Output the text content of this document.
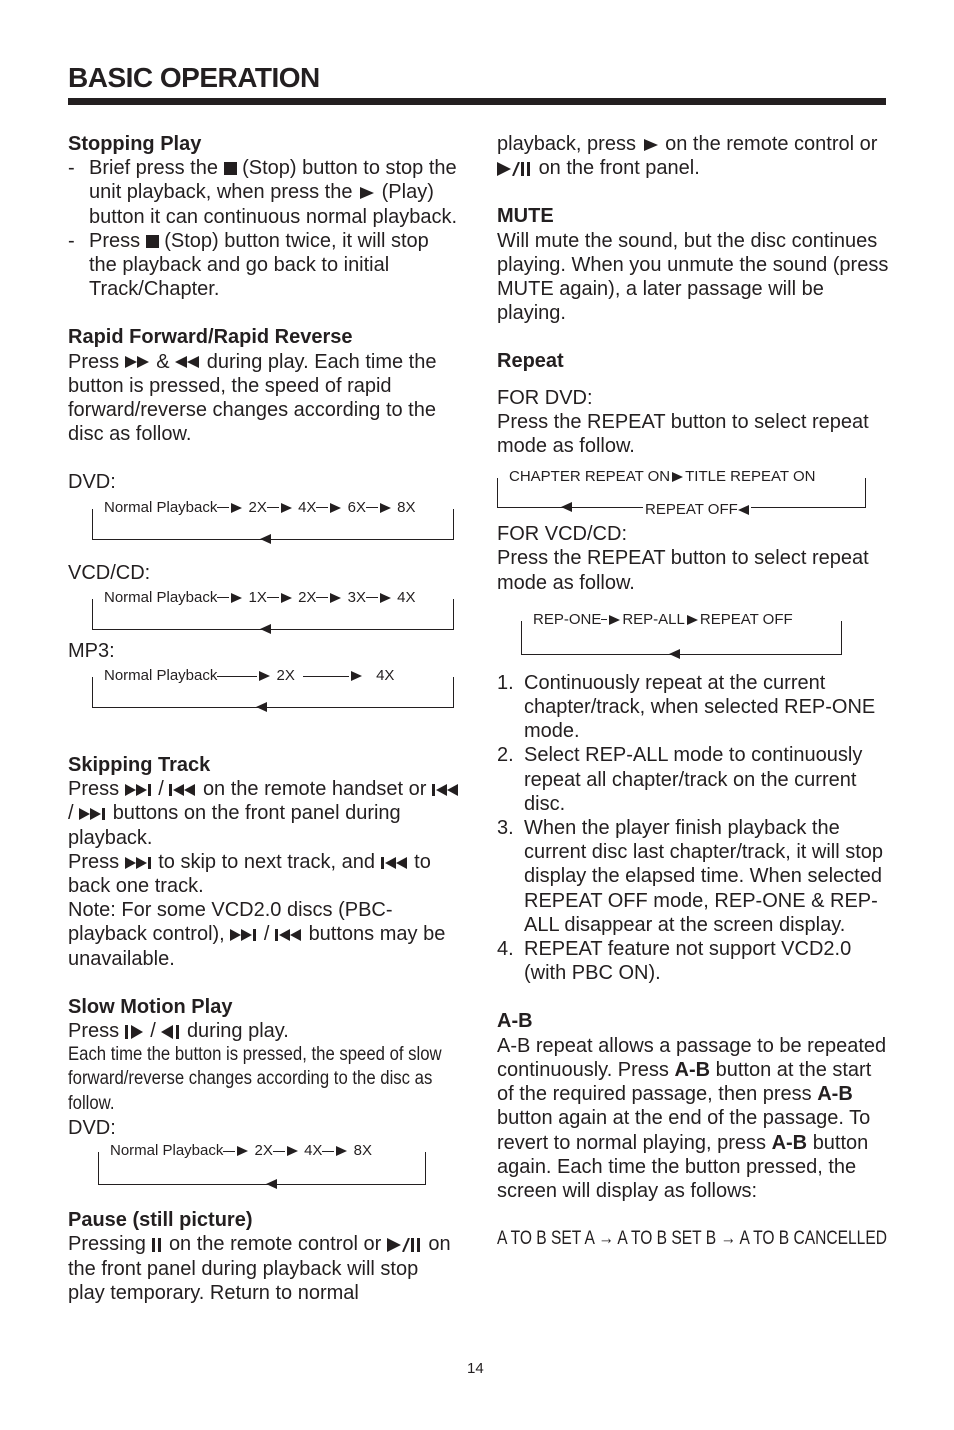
BASIC OPERATION
Stopping Play
- Brief press the (Stop) button to stop the unit playback, when press the (Play) button it can continuous normal playback.
- Press (Stop) button twice, it will stop the playback and go back to initial Track/Chapter.
Rapid Forward/Rapid Reverse
Press & during play. Each time the button is pressed, the speed of rapid forward/reverse changes according to the disc as follow.
DVD:
Normal Playback 2X 4X 6X 8X
VCD/CD:
Normal Playback 1X 2X 3X 4X
MP3:
Normal Playback	2X	4X
Skipping Track
Press / on the remote handset or  / buttons on the front panel during playback.
Press to skip to next track, and to back one track.
Note: For some VCD2.0 discs (PBC-playback control), / buttons may be unavailable.
Slow Motion Play
Press / during play.
Each time the button is pressed, the speed of slow forward/reverse changes according to the disc as follow.
DVD:
Normal Playback 2X 4X 8X
Pause (still picture)
Pressing on the remote control or on the front panel during playback will stop play temporary. Return to normal
playback, press on the remote control or  on the front panel.
MUTE
Will mute the sound, but the disc continues playing. When you unmute the sound (press MUTE again), a later passage will be playing.
Repeat
FOR DVD:
Press the REPEAT button to select repeat mode as follow.
CHAPTER REPEAT ON TITLE REPEAT ON
REPEAT OFF
FOR VCD/CD:
Press the REPEAT button to select repeat mode as follow.
REP-ONE REP-ALL REPEAT OFF
1. Continuously repeat at the current chapter/track, when selected REP-ONE mode.
2. Select REP-ALL mode to continuously repeat all chapter/track on the current disc.
3. When the player finish playback the current disc last chapter/track, it will stop display the elapsed time. When selected REPEAT OFF mode, REP-ONE & REP-ALL disappear at the screen display.
4. REPEAT feature not support VCD2.0 (with PBC ON).
A-B
A-B repeat allows a passage to be repeated continuously. Press A-B button at the start of the required passage, then press A-B button again at the end of the passage. To revert to normal playing, press A-B button again. Each time the button pressed, the screen will display as follows:
A TO B SET A → A TO B SET B → A TO B CANCELLED
14
